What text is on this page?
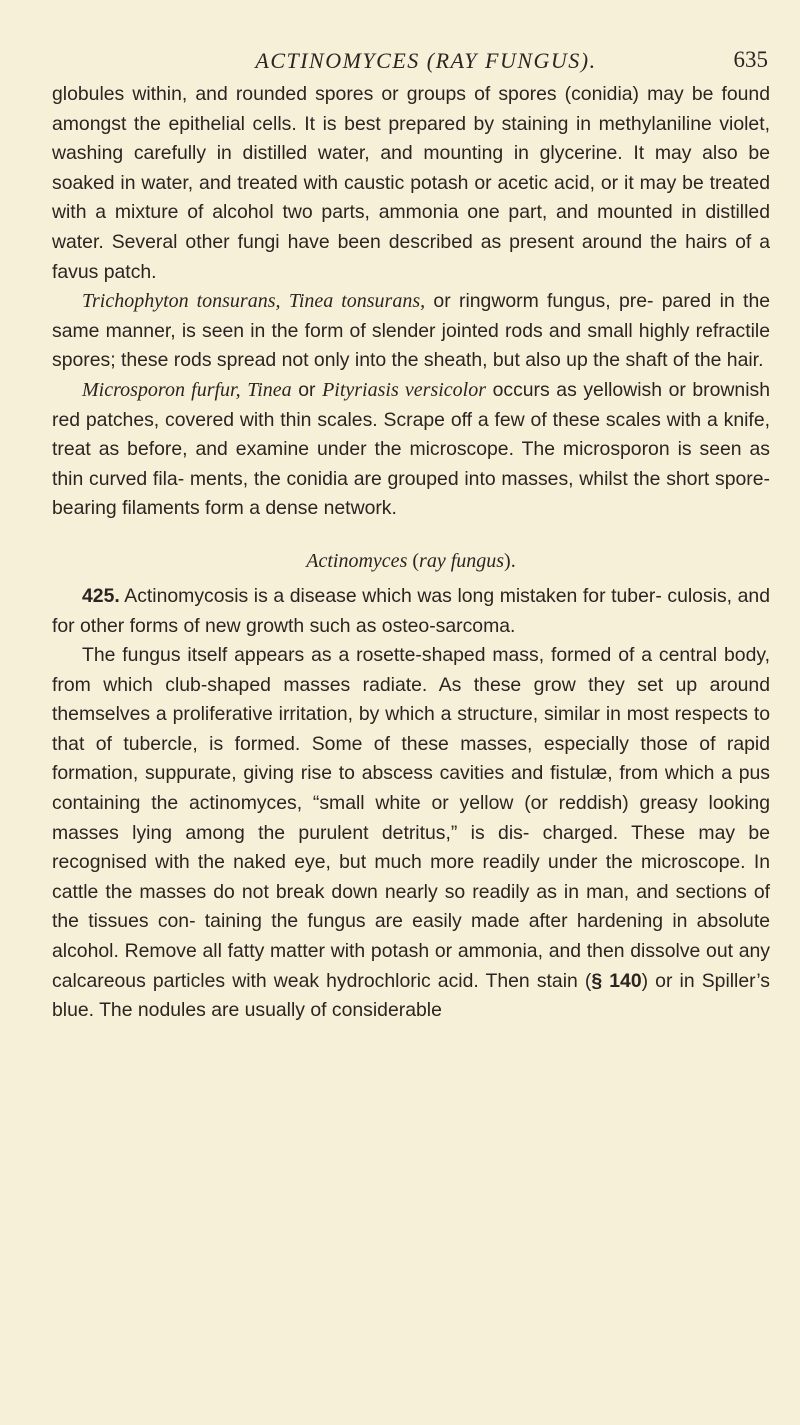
ACTINOMYCES (RAY FUNGUS).	635

globules within, and rounded spores or groups of spores (conidia) may be found amongst the epithelial cells. It is best prepared by staining in methylaniline violet, washing carefully in distilled water, and mounting in glycerine. It may also be soaked in water, and treated with caustic potash or acetic acid, or it may be treated with a mixture of alcohol two parts, ammonia one part, and mounted in distilled water. Several other fungi have been described as present around the hairs of a favus patch.

Trichophyton tonsurans, Tinea tonsurans, or ringworm fungus, pre- pared in the same manner, is seen in the form of slender jointed rods and small highly refractile spores; these rods spread not only into the sheath, but also up the shaft of the hair.

Microsporon furfur, Tinea or Pityriasis versicolor occurs as yellowish or brownish red patches, covered with thin scales. Scrape off a few of these scales with a knife, treat as before, and examine under the microscope. The microsporon is seen as thin curved fila- ments, the conidia are grouped into masses, whilst the short spore- bearing filaments form a dense network.

Actinomyces (ray fungus).

425. Actinomycosis is a disease which was long mistaken for tuber- culosis, and for other forms of new growth such as osteo-sarcoma.

The fungus itself appears as a rosette-shaped mass, formed of a central body, from which club-shaped masses radiate. As these grow they set up around themselves a proliferative irritation, by which a structure, similar in most respects to that of tubercle, is formed. Some of these masses, especially those of rapid formation, suppurate, giving rise to abscess cavities and fistulæ, from which a pus containing the actinomyces, “small white or yellow (or reddish) greasy looking masses lying among the purulent detritus,” is dis- charged. These may be recognised with the naked eye, but much more readily under the microscope. In cattle the masses do not break down nearly so readily as in man, and sections of the tissues con- taining the fungus are easily made after hardening in absolute alcohol. Remove all fatty matter with potash or ammonia, and then dissolve out any calcareous particles with weak hydrochloric acid. Then stain (§ 140) or in Spiller’s blue. The nodules are usually of considerable
